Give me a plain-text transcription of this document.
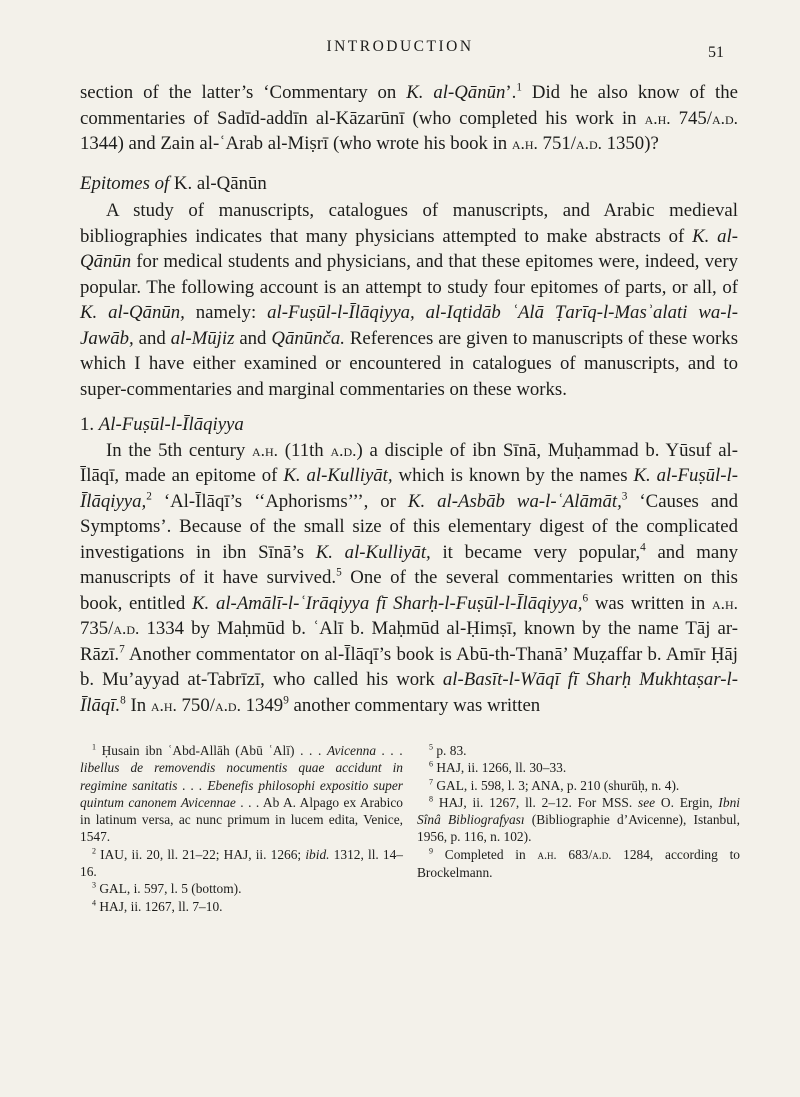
INTRODUCTION	51

section of the latter’s ‘Commentary on K. al-Qānūn’.$^1$ Did he also know of the commentaries of Sadīd-addīn al-Kāzarūnī (who completed his work in a.h. 745/a.d. 1344) and Zain al-ʿArab al-Miṣrī (who wrote his book in a.h. 751/a.d. 1350)?

Epitomes of K. al-Qānūn

A study of manuscripts, catalogues of manuscripts, and Arabic medieval bibliographies indicates that many physicians attempted to make abstracts of K. al-Qānūn for medical students and physicians, and that these epitomes were, indeed, very popular. The following account is an attempt to study four epitomes of parts, or all, of K. al-Qānūn, namely: al-Fuṣūl-l-Īlāqiyya, al-Iqtidāb ʿAlā Ṭarīq-l-Masʾalati wa-l-Jawāb, and al-Mūjiz and Qānūnča. References are given to manuscripts of these works which I have either examined or encountered in catalogues of manuscripts, and to super-commentaries and marginal commentaries on these works.

1. Al-Fuṣūl-l-Īlāqiyya

In the 5th century a.h. (11th a.d.) a disciple of ibn Sīnā, Muḥammad b. Yūsuf al-Īlāqī, made an epitome of K. al-Kulliyāt, which is known by the names K. al-Fuṣūl-l-Īlāqiyya,$^2$ ‘Al-Īlāqī’s ‘‘Aphorisms’’’, or K. al-Asbāb wa-l-ʿAlāmāt,$^3$ ‘Causes and Symptoms’. Because of the small size of this elementary digest of the complicated investigations in ibn Sīnā’s K. al-Kulliyāt, it became very popular,$^4$ and many manuscripts of it have survived.$^5$ One of the several commentaries written on this book, entitled K. al-Amālī-l-ʿIrāqiyya fī Sharḥ-l-Fuṣūl-l-Īlāqiyya,$^6$ was written in a.h. 735/a.d. 1334 by Maḥmūd b. ʿAlī b. Maḥmūd al-Ḥimṣī, known by the name Tāj ar-Rāzī.$^7$ Another commentator on al-Īlāqī’s book is Abū-th-Thanā’ Muẓaffar b. Amīr Ḥāj b. Mu’ayyad at-Tabrīzī, who called his work al-Basīt-l-Wāqī fī Sharḥ Mukhtaṣar-l-Īlāqī.$^8$ In a.h. 750/a.d. 1349$^9$ another commentary was written

$^1$ Ḥusain ibn ʿAbd-Allāh (Abū ʿAlī) . . . Avicenna . . . libellus de removendis nocumentis quae accidunt in regimine sanitatis . . . Ebenefis philosophi expositio super quintum canonem Avicennae . . . Ab A. Alpago ex Arabico in latinum versa, ac nunc primum in lucem edita, Venice, 1547.

$^2$ IAU, ii. 20, ll. 21–22; HAJ, ii. 1266; ibid. 1312, ll. 14–16.

$^3$ GAL, i. 597, l. 5 (bottom).

$^4$ HAJ, ii. 1267, ll. 7–10.

$^5$ p. 83.

$^6$ HAJ, ii. 1266, ll. 30–33.

$^7$ GAL, i. 598, l. 3; ANA, p. 210 (shurūḥ, n. 4).

$^8$ HAJ, ii. 1267, ll. 2–12. For MSS. see O. Ergin, Ibni Sînâ Bibliografyası (Bibliographie d’Avicenne), Istanbul, 1956, p. 116, n. 102).

$^9$ Completed in a.h. 683/a.d. 1284, according to Brockelmann.
